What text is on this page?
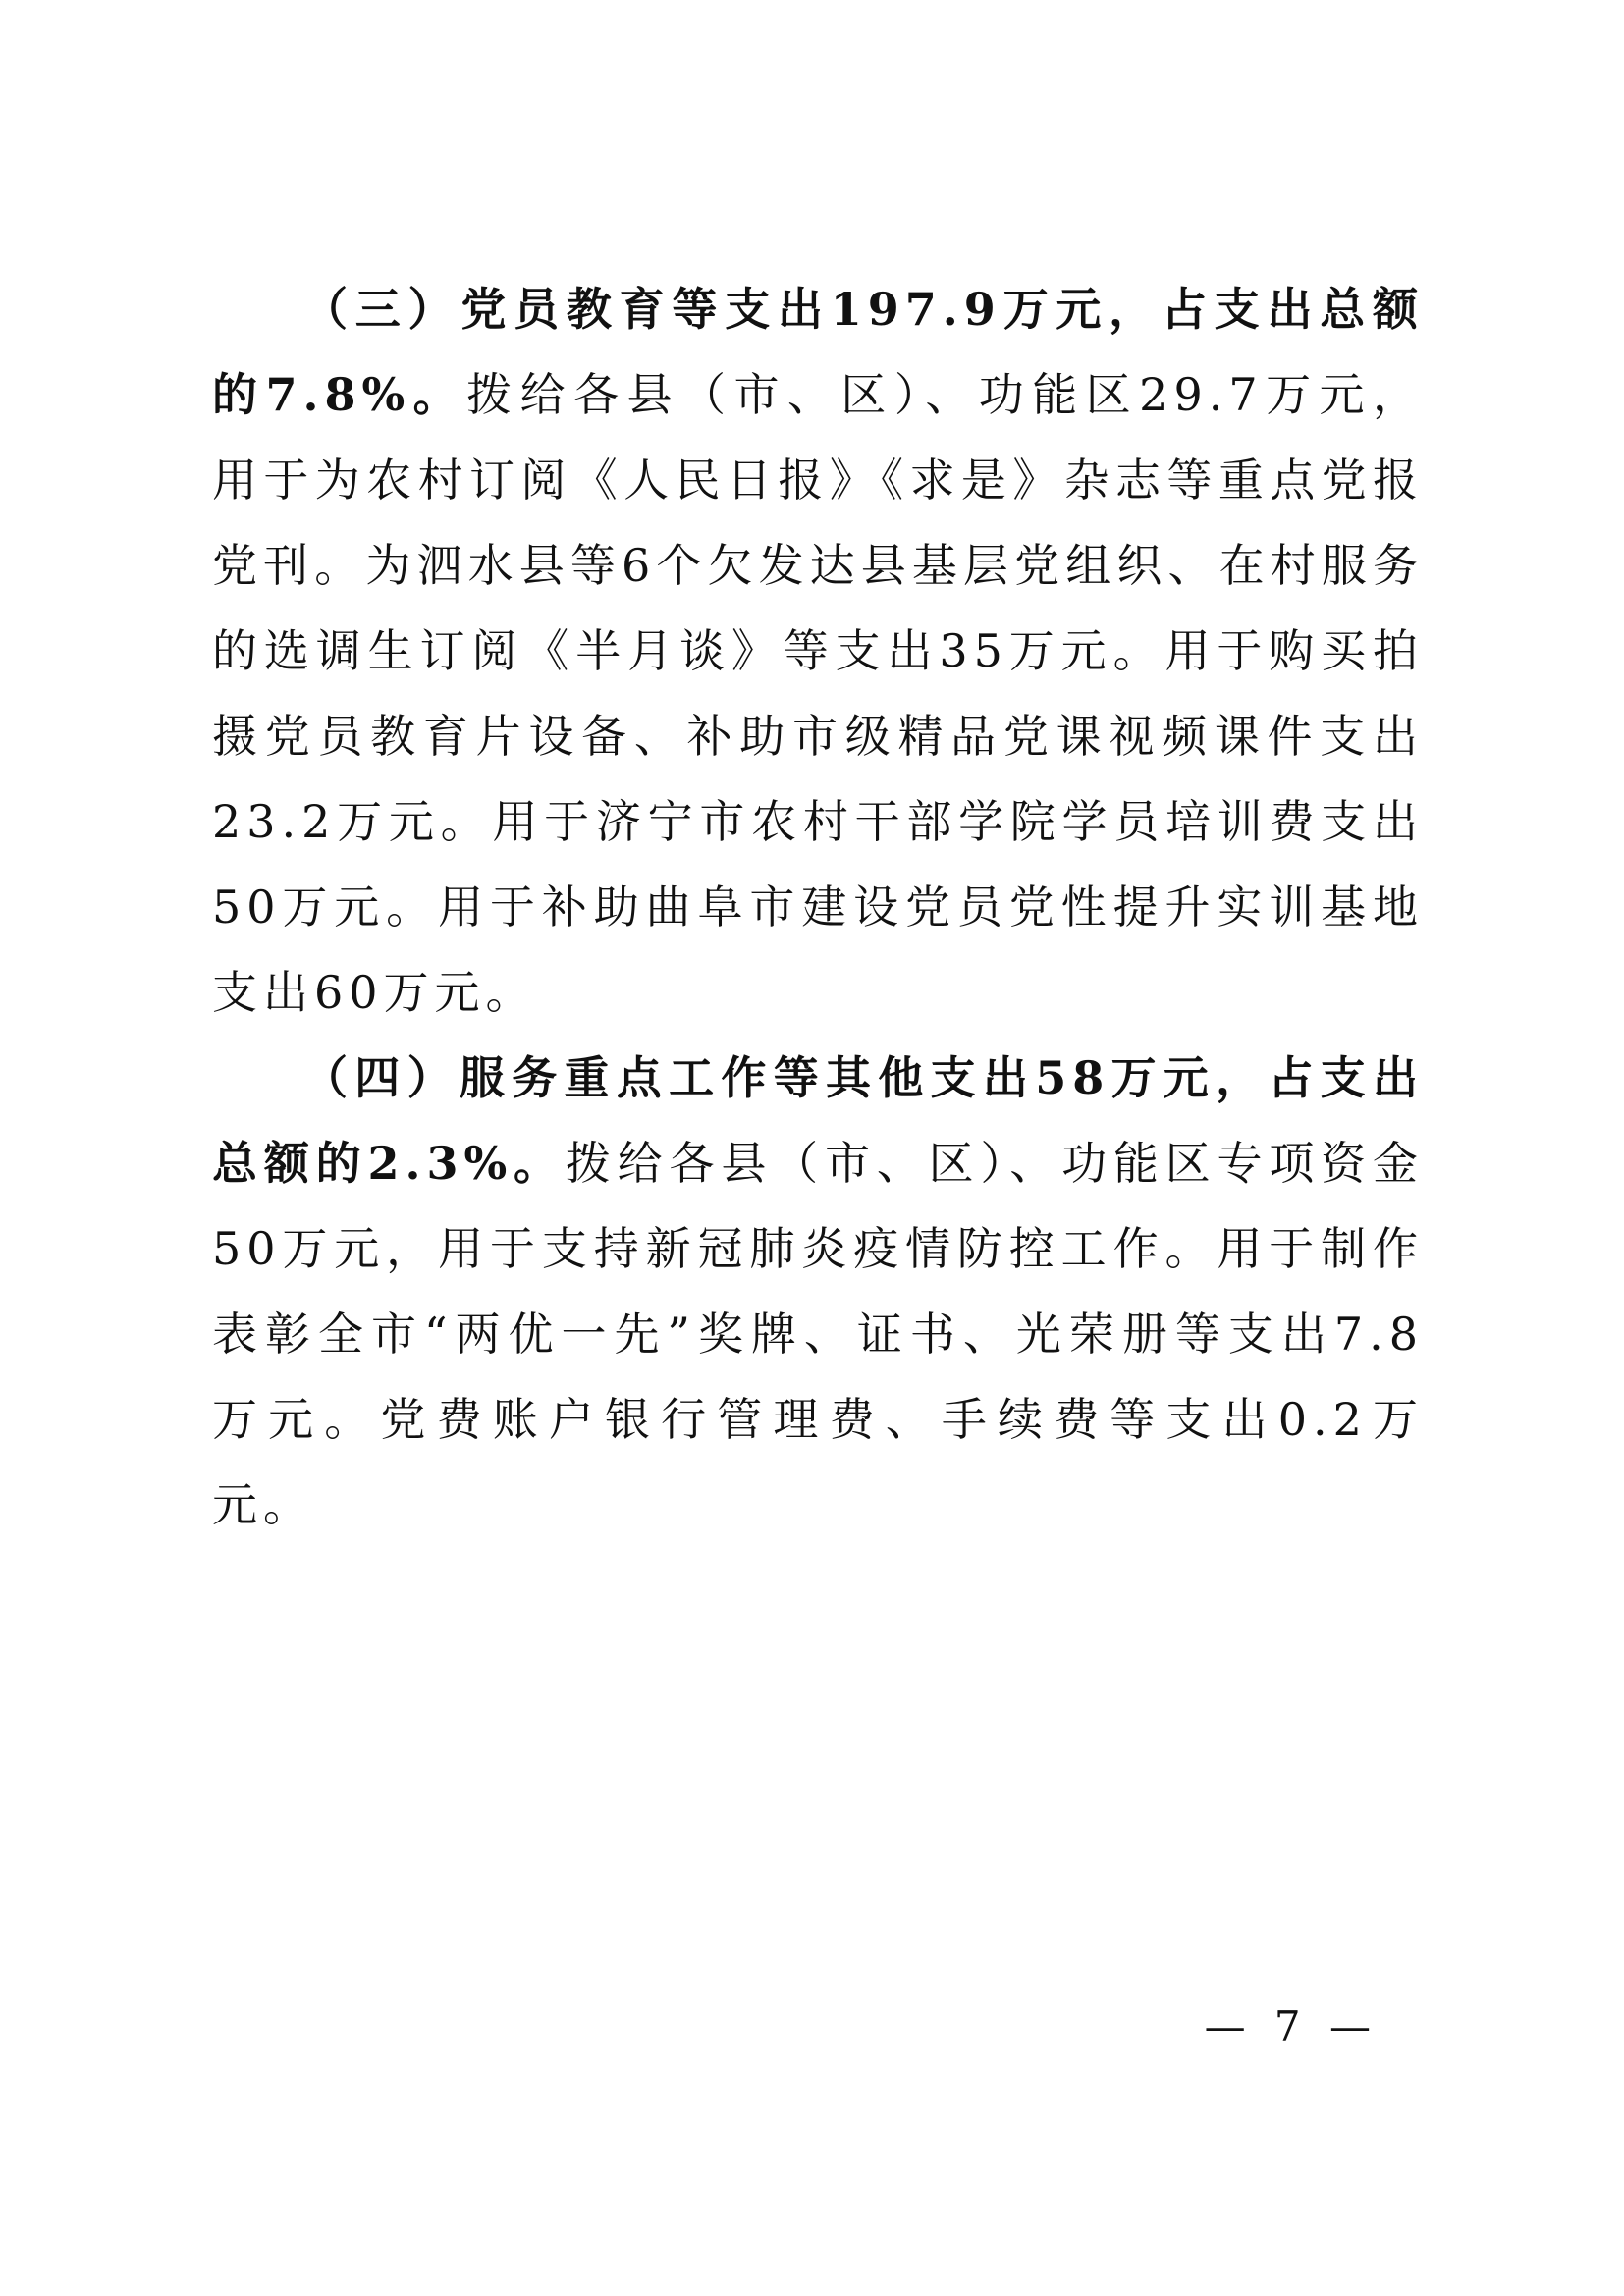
（三）党员教育等支出197.9万元，占支出总额的7.8%。拨给各县（市、区）、功能区29.7万元，用于为农村订阅《人民日报》《求是》杂志等重点党报党刊。为泗水县等6个欠发达县基层党组织、在村服务的选调生订阅《半月谈》等支出35万元。用于购买拍摄党员教育片设备、补助市级精品党课视频课件支出23.2万元。用于济宁市农村干部学院学员培训费支出50万元。用于补助曲阜市建设党员党性提升实训基地支出60万元。

（四）服务重点工作等其他支出58万元，占支出总额的2.3%。拨给各县（市、区）、功能区专项资金50万元，用于支持新冠肺炎疫情防控工作。用于制作表彰全市“两优一先”奖牌、证书、光荣册等支出7.8万元。党费账户银行管理费、手续费等支出0.2万元。

— 7 —
